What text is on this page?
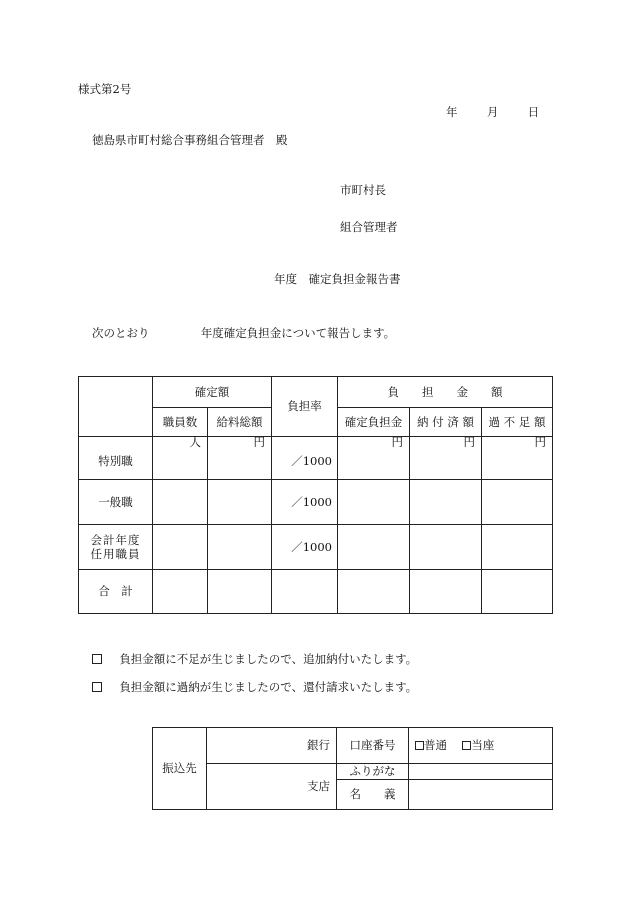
様式第2号
年	月	日
徳島県市町村総合事務組合管理者　殿
市町村長
組合管理者
年度　確定負担金報告書
次のとおり	年度確定負担金について報告します。
	確定額		負担率	負　　担　　金　　額		
	職員数	給料総額		確定負担金	納 付 済 額	過 不 足 額
特別職	人	円	／1000	円	円	円

一般職			／1000			
会計年度
任用職員			／1000			
合　計						
負担金額に不足が生じましたので、追加納付いたします。
負担金額に過納が生じましたので、還付請求いたします。
振込先	銀行	口座番号	普通 当座
	支店	ふりがな	
		名　　義	
